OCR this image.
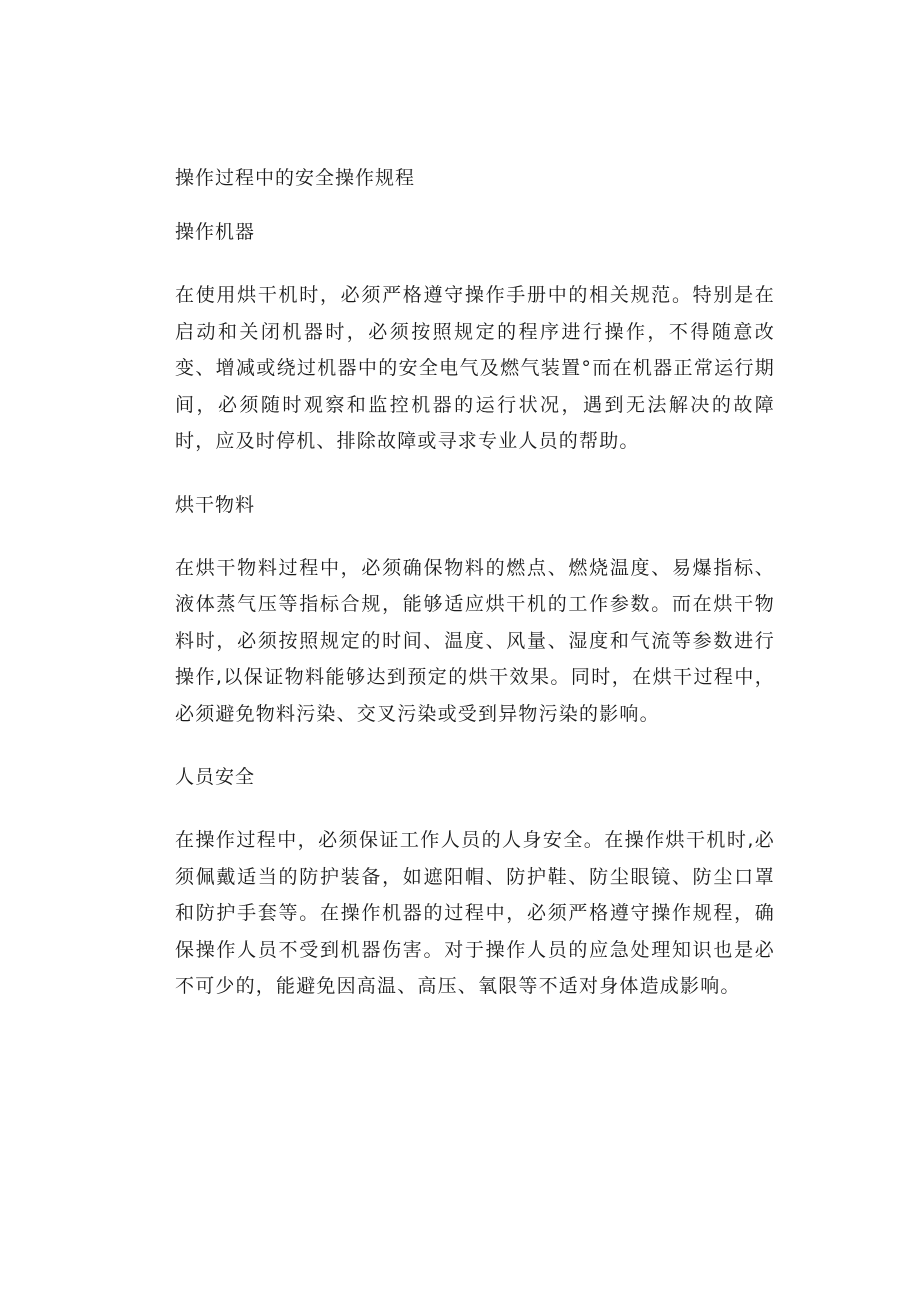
操作过程中的安全操作规程

操作机器

在使用烘干机时，必须严格遵守操作手册中的相关规范。特别是在启动和关闭机器时，必须按照规定的程序进行操作，不得随意改变、增减或绕过机器中的安全电气及燃气装置°而在机器正常运行期间，必须随时观察和监控机器的运行状况，遇到无法解决的故障时，应及时停机、排除故障或寻求专业人员的帮助。

烘干物料

在烘干物料过程中，必须确保物料的燃点、燃烧温度、易爆指标、液体蒸气压等指标合规，能够适应烘干机的工作参数。而在烘干物料时，必须按照规定的时间、温度、风量、湿度和气流等参数进行操作,以保证物料能够达到预定的烘干效果。同时，在烘干过程中，必须避免物料污染、交叉污染或受到异物污染的影响。

人员安全

在操作过程中，必须保证工作人员的人身安全。在操作烘干机时,必须佩戴适当的防护装备，如遮阳帽、防护鞋、防尘眼镜、防尘口罩和防护手套等。在操作机器的过程中，必须严格遵守操作规程，确保操作人员不受到机器伤害。对于操作人员的应急处理知识也是必不可少的，能避免因高温、高压、氧限等不适对身体造成影响。
